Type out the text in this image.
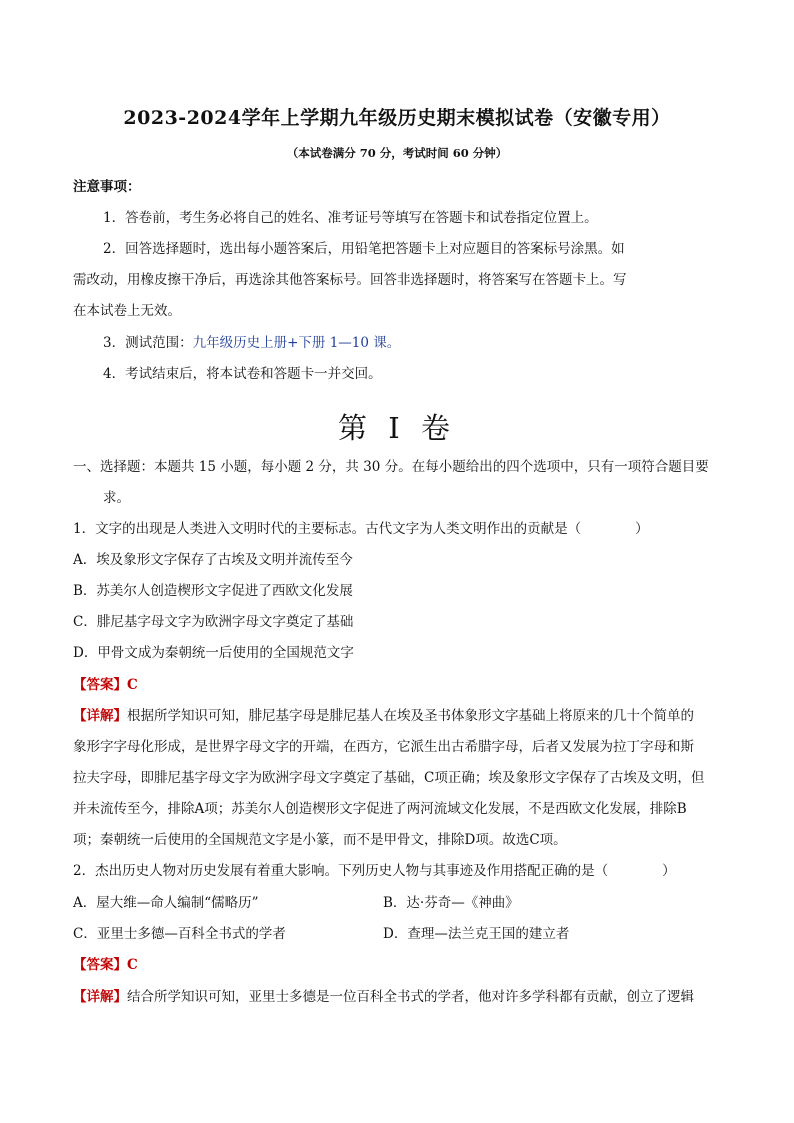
2023-2024学年上学期九年级历史期末模拟试卷（安徽专用）
（本试卷满分 70 分，考试时间 60 分钟）
注意事项：
1．答卷前，考生务必将自己的姓名、准考证号等填写在答题卡和试卷指定位置上。
2．回答选择题时，选出每小题答案后，用铅笔把答题卡上对应题目的答案标号涂黑。如
需改动，用橡皮擦干净后，再选涂其他答案标号。回答非选择题时，将答案写在答题卡上。写
在本试卷上无效。
3．测试范围：九年级历史上册+下册 1—10 课。
4．考试结束后，将本试卷和答题卡一并交回。
第 I 卷
一、选择题：本题共 15 小题，每小题 2 分，共 30 分。在每小题给出的四个选项中，只有一项符合题目要
求。
1．文字的出现是人类进入文明时代的主要标志。古代文字为人类文明作出的贡献是（　　　　）
A．埃及象形文字保存了古埃及文明并流传至今
B．苏美尔人创造楔形文字促进了西欧文化发展
C．腓尼基字母文字为欧洲字母文字奠定了基础
D．甲骨文成为秦朝统一后使用的全国规范文字
【答案】C
【详解】根据所学知识可知，腓尼基字母是腓尼基人在埃及圣书体象形文字基础上将原来的几十个简单的
象形字字母化形成，是世界字母文字的开端，在西方，它派生出古希腊字母，后者又发展为拉丁字母和斯
拉夫字母，即腓尼基字母文字为欧洲字母文字奠定了基础，C项正确；埃及象形文字保存了古埃及文明，但
并未流传至今，排除A项；苏美尔人创造楔形文字促进了两河流域文化发展，不是西欧文化发展，排除B
项；秦朝统一后使用的全国规范文字是小篆，而不是甲骨文，排除D项。故选C项。
2．杰出历史人物对历史发展有着重大影响。下列历史人物与其事迹及作用搭配正确的是（　　　　）
A．屋大维—命人编制“儒略历”	B．达·芬奇—《神曲》
C．亚里士多德—百科全书式的学者	D．查理—法兰克王国的建立者
【答案】C
【详解】结合所学知识可知，亚里士多德是一位百科全书式的学者，他对许多学科都有贡献，创立了逻辑
